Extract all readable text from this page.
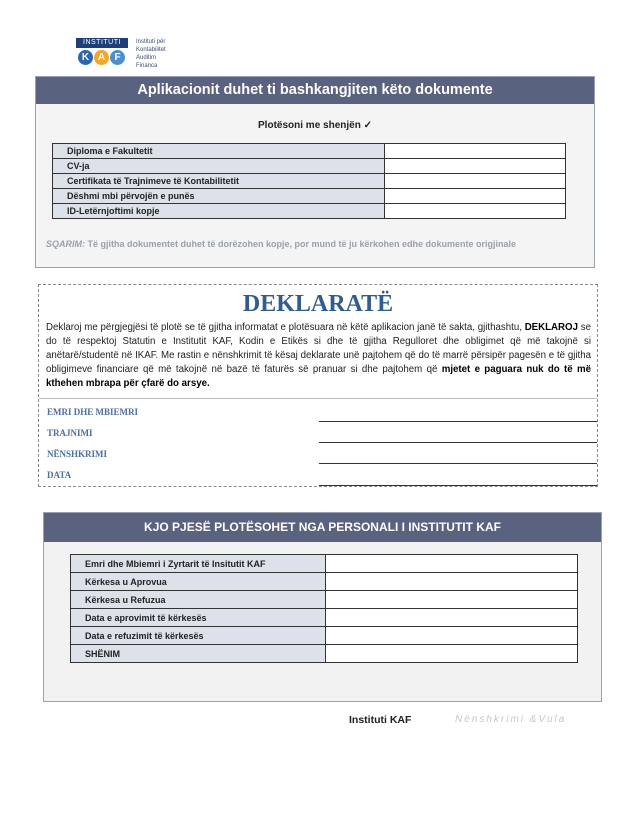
INSTITUTI
K A F
Instituti për
Kontabilitet
Auditim
Financa
Aplikacionit duhet ti bashkangjiten këto dokumente
Plotësoni me shenjën ✓
Diploma e Fakultetit	
CV-ja	
Certifikata të Trajnimeve të Kontabilitetit	
Dëshmi mbi përvojën e punës	
ID-Letërnjoftimi kopje	
SQARIM: Të gjitha dokumentet duhet të dorëzohen kopje, por mund të ju kërkohen edhe dokumente origjinale
DEKLARATË
Deklaroj me përgjegjësi të plotë se të gjitha informatat e plotësuara në këtë aplikacion janë të sakta, gjithashtu, DEKLAROJ se do të respektoj Statutin e Institutit KAF, Kodin e Etikës si dhe të gjitha Regulloret dhe obligimet që më takojnë si anëtarë/studentë në IKAF. Me rastin e nënshkrimit të kësaj deklarate unë pajtohem që do të marrë përsipër pagesën e të gjitha obligimeve financiare që më takojnë në bazë të faturës së pranuar si dhe pajtohem që mjetet e paguara nuk do të më kthehen mbrapa për çfarë do arsye.
EMRI DHE MBIEMRI
TRAJNIMI
NËNSHKRIMI
DATA
KJO PJESË PLOTËSOHET NGA PERSONALI I INSTITUTIT KAF
Emri dhe Mbiemri i Zyrtarit të Insitutit KAF	
Kërkesa u Aprovua	
Kërkesa u Refuzua	
Data e aprovimit të kërkesës	
Data e refuzimit të kërkesës	
SHËNIM	
Instituti KAF	Nënshkrimi &Vula
